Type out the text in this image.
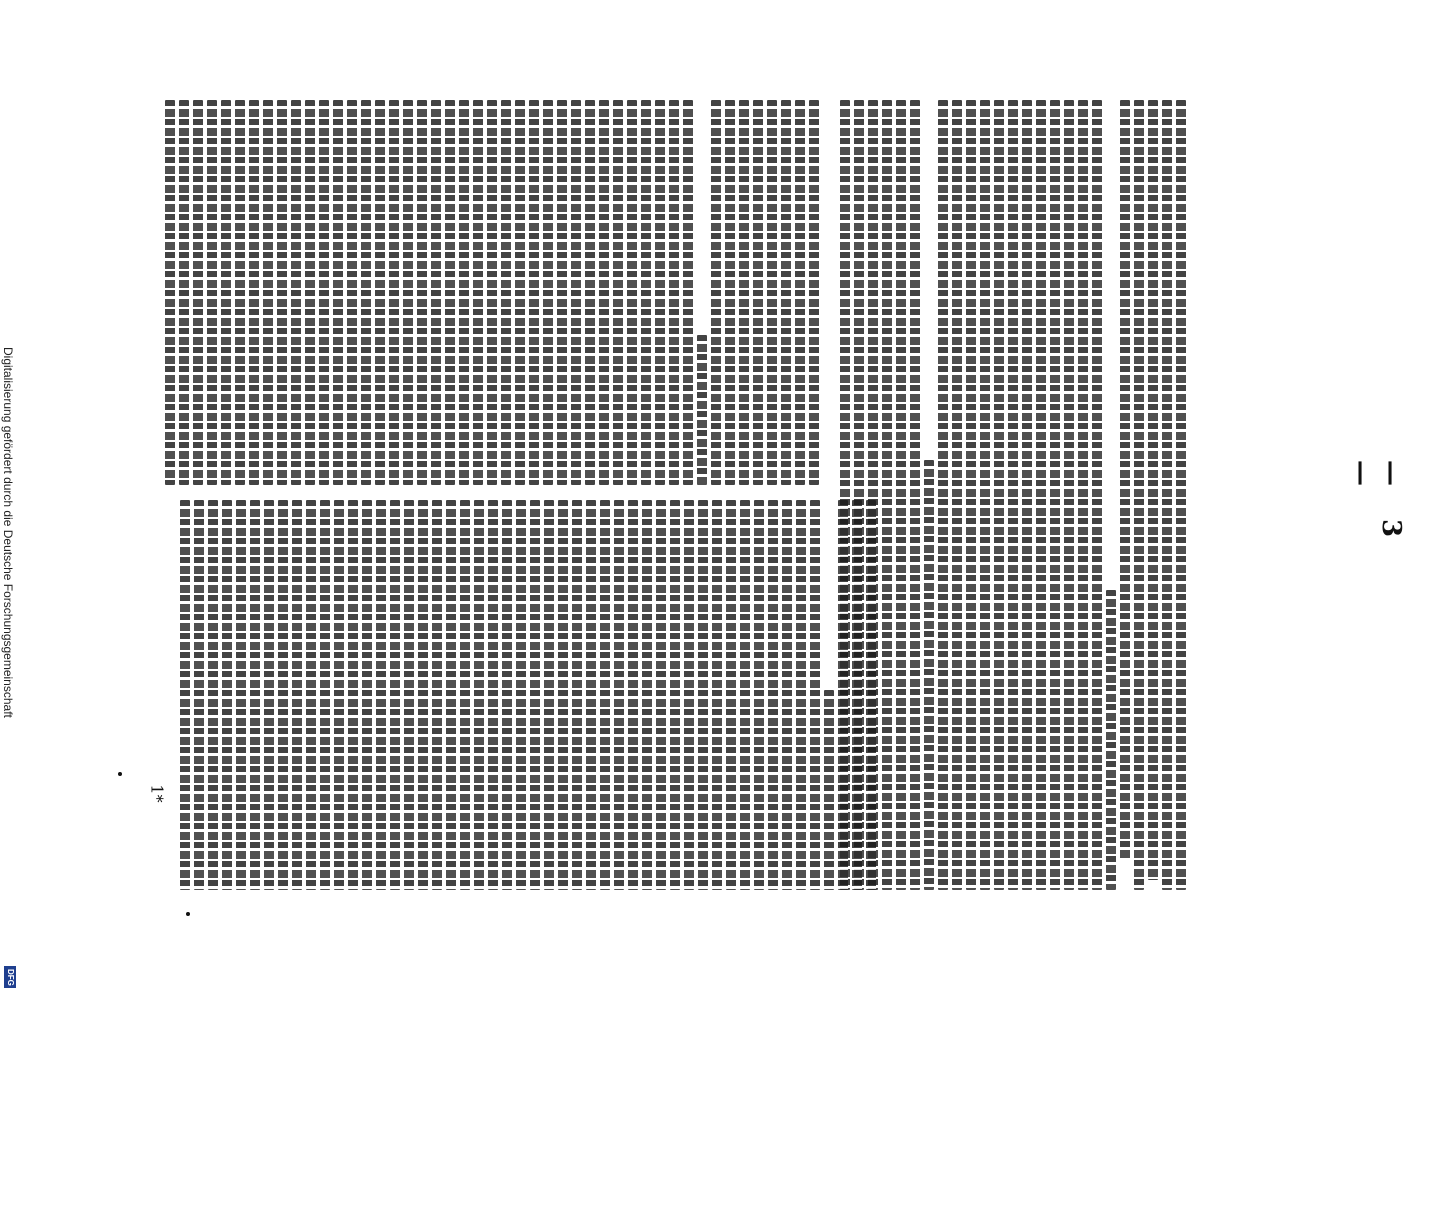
— 3 —
1*
Digitalisierung gefördert durch die Deutsche Forschungsgemeinschaft
DFG
